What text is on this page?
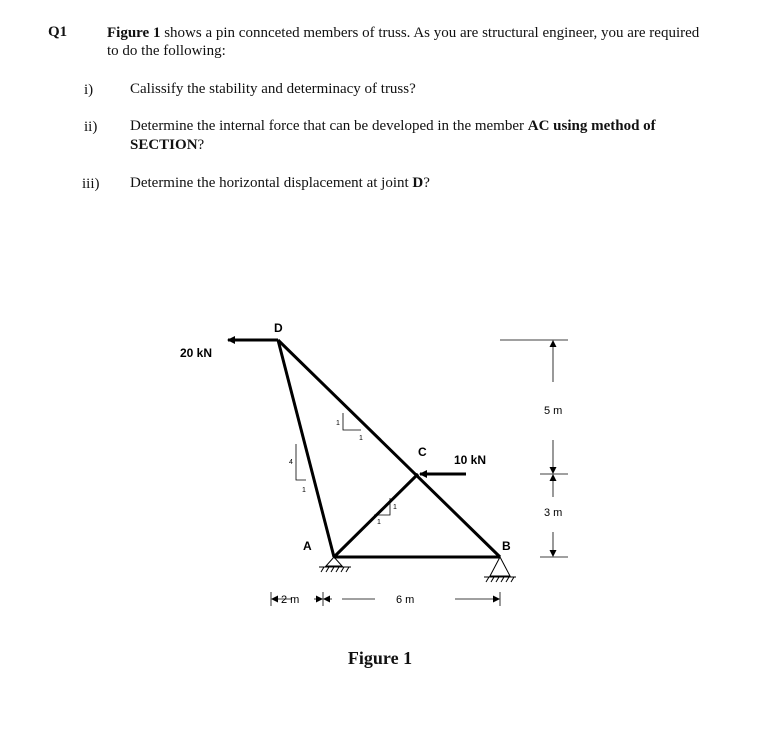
Q1	Figure 1 shows a pin connceted members of truss. As you are structural engineer, you are required to do the following:
i) Calissify the stability and determinacy of truss?
ii) Determine the internal force that can be developed in the member AC using method of SECTION?
iii) Determine the horizontal displacement at joint D?
4
1
1
1
1
1
20 kN
10 kN
D
C
A	B
2 m	6 m
5 m
3 m
Figure 1
